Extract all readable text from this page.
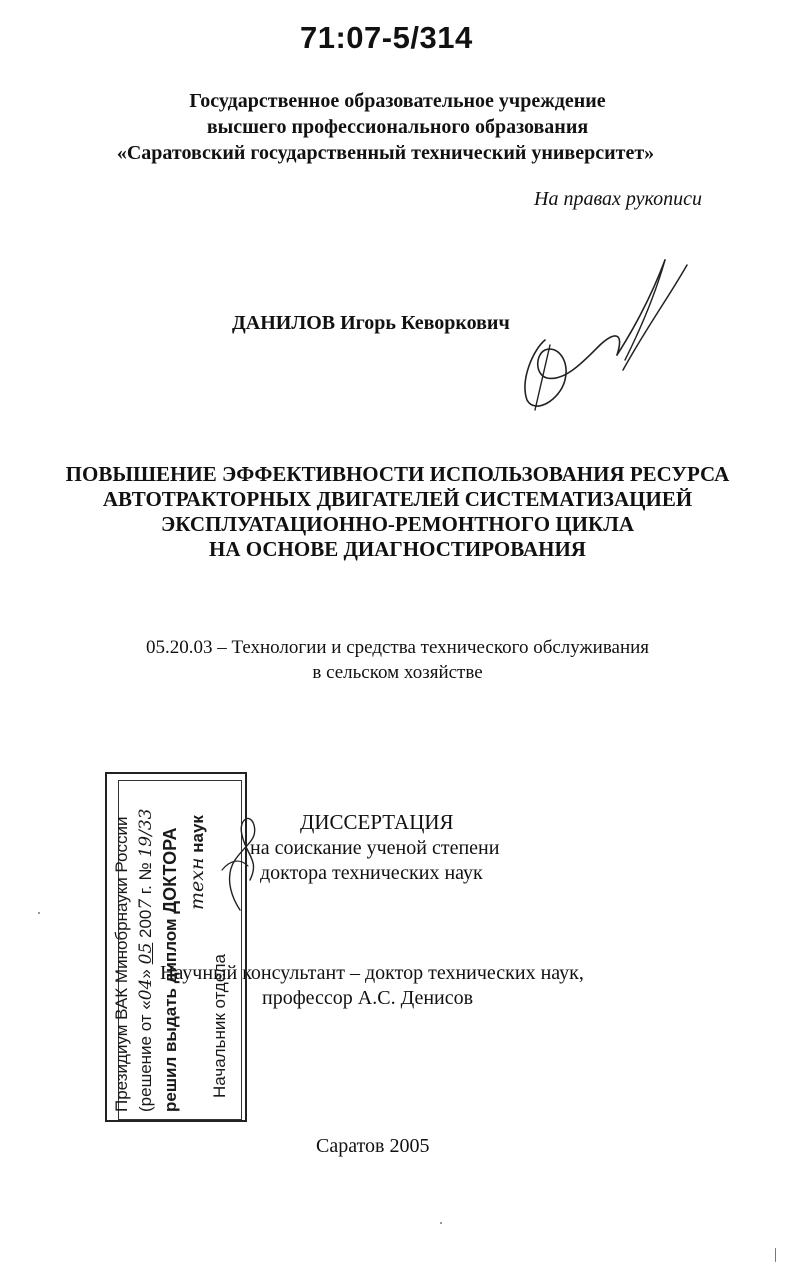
71:07-5/314
Государственное образовательное учреждение
высшего профессионального образования
«Саратовский государственный технический университет»
На правах рукописи
ДАНИЛОВ Игорь Кеворкович
ПОВЫШЕНИЕ ЭФФЕКТИВНОСТИ ИСПОЛЬЗОВАНИЯ РЕСУРСА
АВТОТРАКТОРНЫХ ДВИГАТЕЛЕЙ СИСТЕМАТИЗАЦИЕЙ
ЭКСПЛУАТАЦИОННО-РЕМОНТНОГО ЦИКЛА
НА ОСНОВЕ ДИАГНОСТИРОВАНИЯ
05.20.03 – Технологии и средства технического обслуживания
в сельском хозяйстве
ДИССЕРТАЦИЯ
на соискание ученой степени
доктора технических наук
Научный консультант – доктор технических наук,
профессор А.С. Денисов
Саратов 2005
Президиум ВАК Минобрнауки России (решение от «04» 05 2007 г. № 19/33
решил выдать диплом ДОКТОРА техн наук
Начальник отдела
